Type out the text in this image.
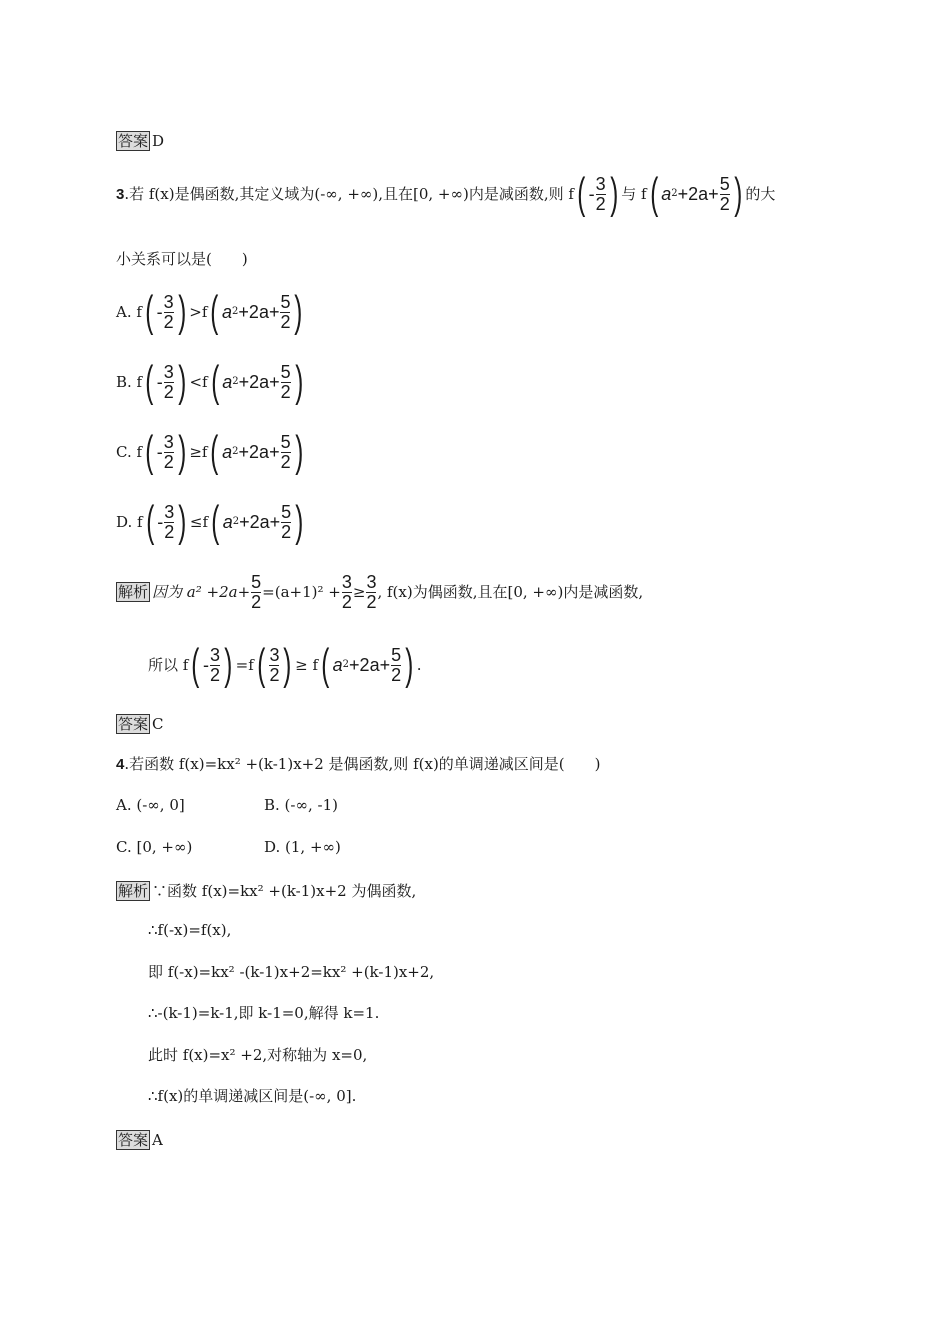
答案 D
3 .若 f(x)是偶函数,其定义域为(-∞, +∞),且在[0, +∞)内是减函数,则 f ( - $\frac{3}{2}$ ) 与 f ( a $2 +2a+ \frac{5}{2}$ ) 的大
小关系可以是(　　)
A. f ( - $\frac{3}{2}$ ) >f ( a $2 +2a+ \frac{5}{2}$ )
B. f ( - $\frac{3}{2}$ ) <f ( a $2 +2a+ \frac{5}{2}$ )
C. f ( - $\frac{3}{2}$ ) ≥f ( a $2 +2a+ \frac{5}{2}$ )
D. f ( - $\frac{3}{2}$ ) ≤f ( a $2 +2a+ \frac{5}{2}$ )
解析 因为 $a^2 +2a+ \frac{5}{2} =(a+1)^2 + \frac{3}{2} \ge \frac{3}{2}$ , f(x)为偶函数,且在[0, +∞)内是减函数,
所以 f ( - $\frac{3}{2}$ ) =f ( $\frac{3}{2}$ ) ≥ f ( a $2 +2a+ \frac{5}{2}$ ) .
答案 C
4.若函数 f(x)=kx² +(k-1)x+2 是偶函数,则 f(x)的单调递减区间是(　　)
A. (-∞, 0]	B. (-∞, -1)
C. [0, +∞)	D. (1, +∞)
解析 ∵函数 f(x)=kx² +(k-1)x+2 为偶函数,
∴f(-x)=f(x),
即 f(-x)=kx² -(k-1)x+2=kx² +(k-1)x+2,
∴-(k-1)=k-1,即 k-1=0,解得 k=1.
此时 f(x)=x² +2,对称轴为 x=0,
∴f(x)的单调递减区间是(-∞, 0].
答案 A
